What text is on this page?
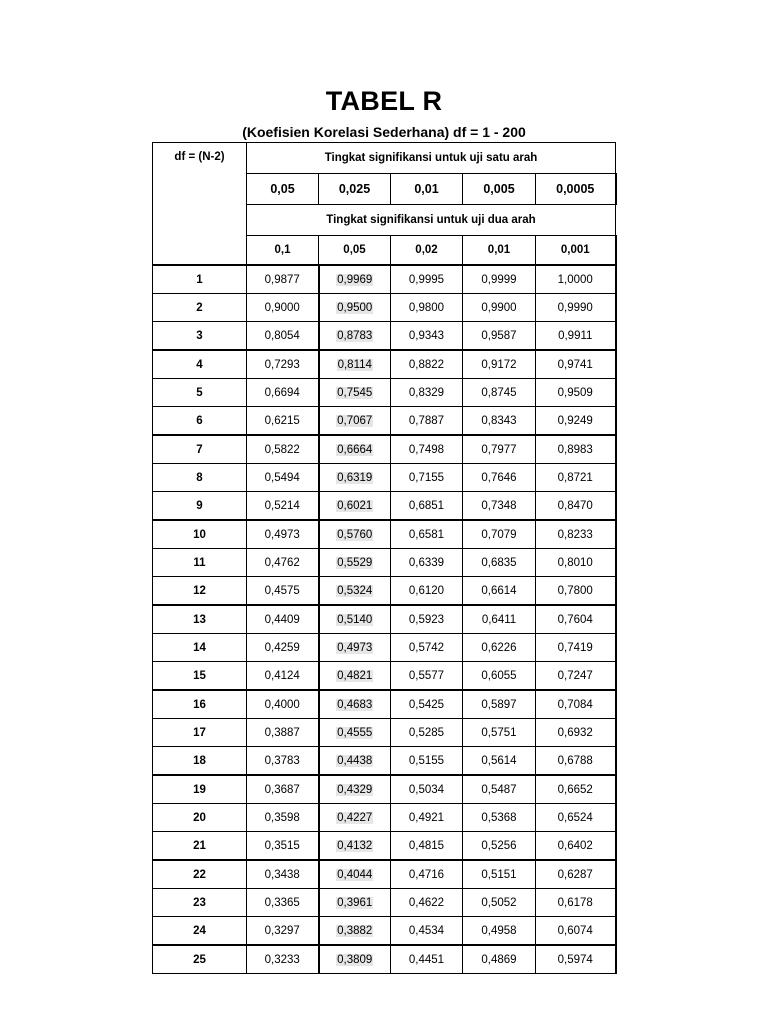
TABEL R
(Koefisien Korelasi Sederhana) df = 1 - 200
df = (N-2)	Tingkat signifikansi untuk uji satu arah				
	0,05	0,025	0,01	0,005	0,0005
	Tingkat signifikansi untuk uji dua arah				
	0,1	0,05	0,02	0,01	0,001
1	0,9877	0,9969	0,9995	0,9999	1,0000
2	0,9000	0,9500	0,9800	0,9900	0,9990
3	0,8054	0,8783	0,9343	0,9587	0,9911
4	0,7293	0,8114	0,8822	0,9172	0,9741
5	0,6694	0,7545	0,8329	0,8745	0,9509
6	0,6215	0,7067	0,7887	0,8343	0,9249
7	0,5822	0,6664	0,7498	0,7977	0,8983
8	0,5494	0,6319	0,7155	0,7646	0,8721
9	0,5214	0,6021	0,6851	0,7348	0,8470
10	0,4973	0,5760	0,6581	0,7079	0,8233
11	0,4762	0,5529	0,6339	0,6835	0,8010
12	0,4575	0,5324	0,6120	0,6614	0,7800
13	0,4409	0,5140	0,5923	0,6411	0,7604
14	0,4259	0,4973	0,5742	0,6226	0,7419
15	0,4124	0,4821	0,5577	0,6055	0,7247
16	0,4000	0,4683	0,5425	0,5897	0,7084
17	0,3887	0,4555	0,5285	0,5751	0,6932
18	0,3783	0,4438	0,5155	0,5614	0,6788
19	0,3687	0,4329	0,5034	0,5487	0,6652
20	0,3598	0,4227	0,4921	0,5368	0,6524
21	0,3515	0,4132	0,4815	0,5256	0,6402
22	0,3438	0,4044	0,4716	0,5151	0,6287
23	0,3365	0,3961	0,4622	0,5052	0,6178
24	0,3297	0,3882	0,4534	0,4958	0,6074
25	0,3233	0,3809	0,4451	0,4869	0,5974
